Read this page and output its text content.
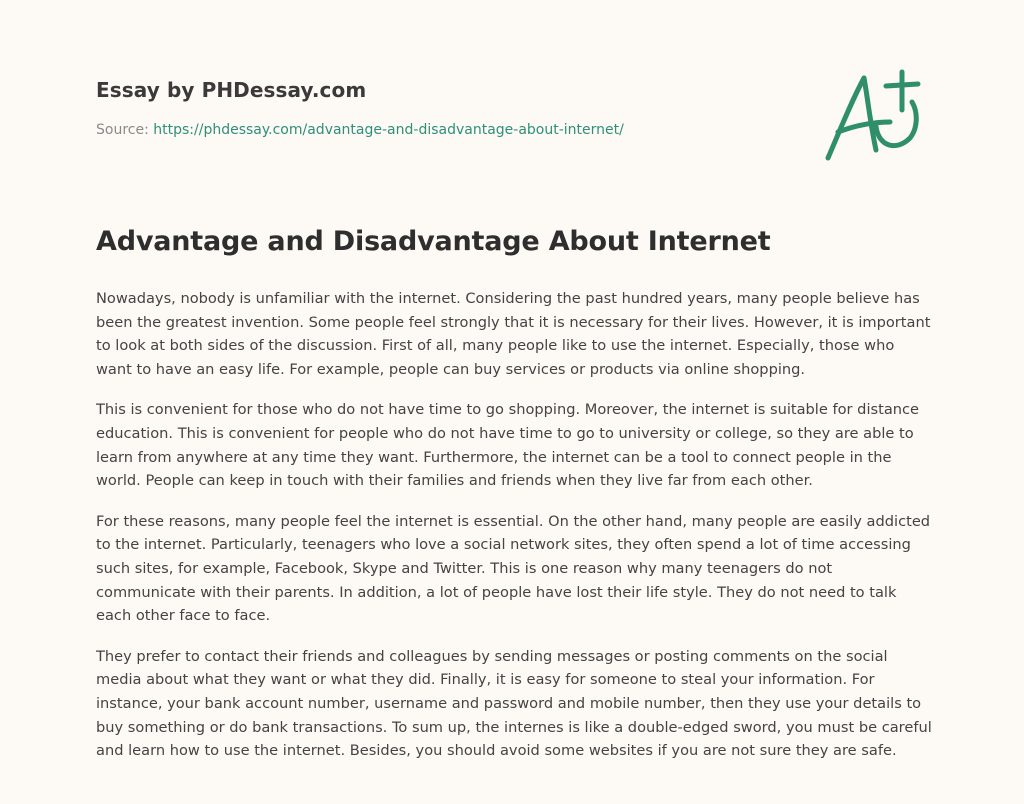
Essay by PHDessay.com
Source: https://phdessay.com/advantage-and-disadvantage-about-internet/
Advantage and Disadvantage About Internet

Nowadays, nobody is unfamiliar with the internet. Considering the past hundred years, many people believe has been the greatest invention. Some people feel strongly that it is necessary for their lives. However, it is important to look at both sides of the discussion. First of all, many people like to use the internet. Especially, those who want to have an easy life. For example, people can buy services or products via online shopping.

This is convenient for those who do not have time to go shopping. Moreover, the internet is suitable for distance education. This is convenient for people who do not have time to go to university or college, so they are able to learn from anywhere at any time they want. Furthermore, the internet can be a tool to connect people in the world. People can keep in touch with their families and friends when they live far from each other.

For these reasons, many people feel the internet is essential. On the other hand, many people are easily addicted to the internet. Particularly, teenagers who love a social network sites, they often spend a lot of time accessing such sites, for example, Facebook, Skype and Twitter. This is one reason why many teenagers do not communicate with their parents. In addition, a lot of people have lost their life style. They do not need to talk each other face to face.

They prefer to contact their friends and colleagues by sending messages or posting comments on the social media about what they want or what they did. Finally, it is easy for someone to steal your information. For instance, your bank account number, username and password and mobile number, then they use your details to buy something or do bank transactions. To sum up, the internes is like a double-edged sword, you must be careful and learn how to use the internet. Besides, you should avoid some websites if you are not sure they are safe.
